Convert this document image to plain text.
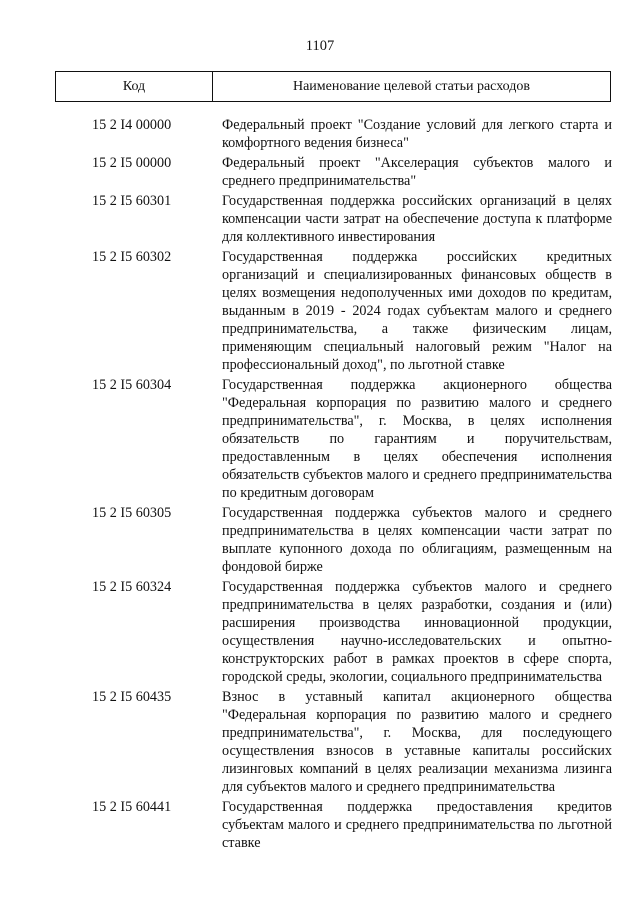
1107
Код	Наименование целевой статьи расходов
15 2 I4 00000	Федеральный проект "Создание условий для легкого старта и комфортного ведения бизнеса"
15 2 I5 00000	Федеральный проект "Акселерация субъектов малого и среднего предпринимательства"
15 2 I5 60301	Государственная поддержка российских организаций в целях компенсации части затрат на обеспечение доступа к платформе для коллективного инвестирования
15 2 I5 60302	Государственная поддержка российских кредитных организаций и специализированных финансовых обществ в целях возмещения недополученных ими доходов по кредитам, выданным в 2019 - 2024 годах субъектам малого и среднего предпринимательства, а также физическим лицам, применяющим специальный налоговый режим "Налог на профессиональный доход", по льготной ставке
15 2 I5 60304	Государственная поддержка акционерного общества "Федеральная корпорация по развитию малого и среднего предпринимательства", г. Москва, в целях исполнения обязательств по гарантиям и поручительствам, предоставленным в целях обеспечения исполнения обязательств субъектов малого и среднего предпринимательства по кредитным договорам
15 2 I5 60305	Государственная поддержка субъектов малого и среднего предпринимательства в целях компенсации части затрат по выплате купонного дохода по облигациям, размещенным на фондовой бирже
15 2 I5 60324	Государственная поддержка субъектов малого и среднего предпринимательства в целях разработки, создания и (или) расширения производства инновационной продукции, осуществления научно-исследовательских и опытно-конструкторских работ в рамках проектов в сфере спорта, городской среды, экологии, социального предпринимательства
15 2 I5 60435	Взнос в уставный капитал акционерного общества "Федеральная корпорация по развитию малого и среднего предпринимательства", г. Москва, для последующего осуществления взносов в уставные капиталы российских лизинговых компаний в целях реализации механизма лизинга для субъектов малого и среднего предпринимательства
15 2 I5 60441	Государственная поддержка предоставления кредитов субъектам малого и среднего предпринимательства по льготной ставке
